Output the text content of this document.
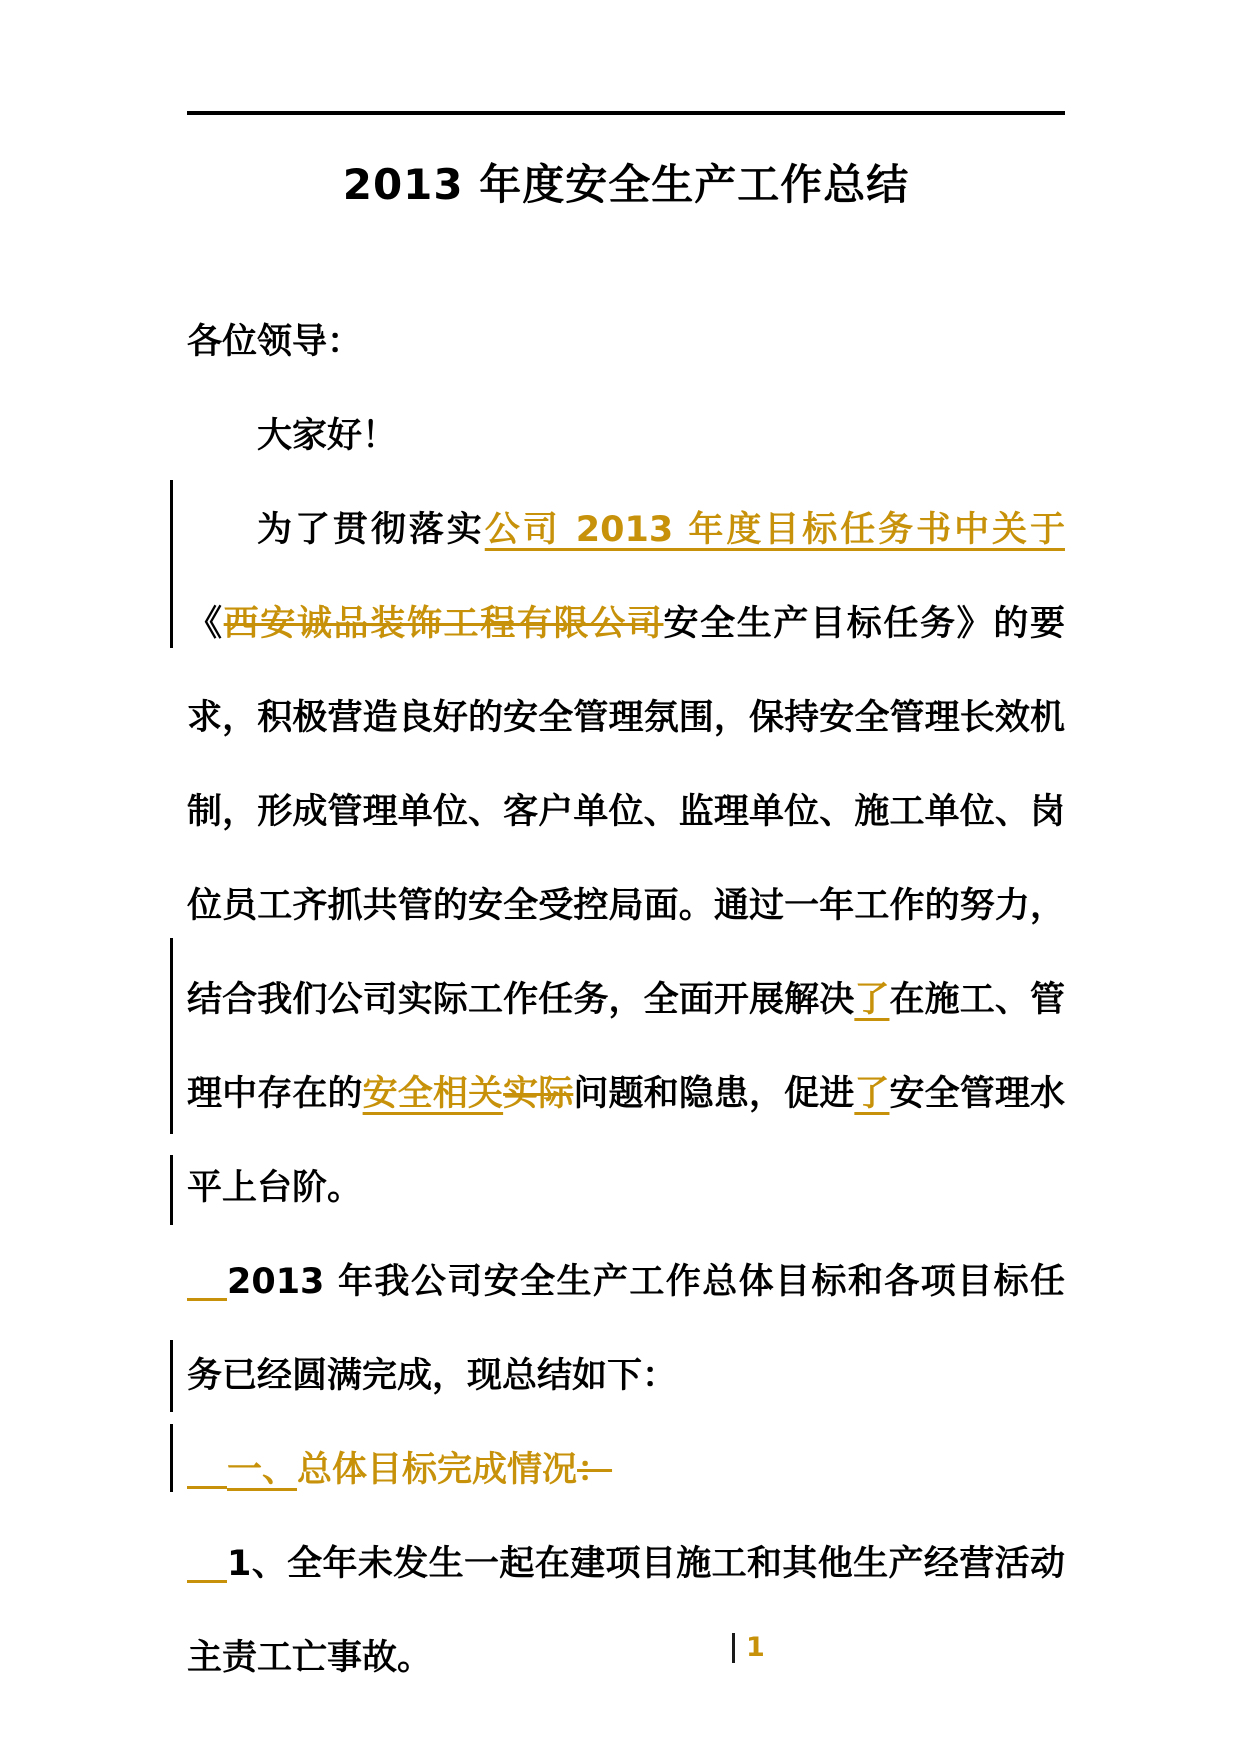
2013 年度安全生产工作总结

各位领导：

大家好！

为了贯彻落实公司 2013 年度目标任务书中关于《西安诚品装饰工程有限公司安全生产目标任务》的要求，积极营造良好的安全管理氛围，保持安全管理长效机制，形成管理单位、客户单位、监理单位、施工单位、岗位员工齐抓共管的安全受控局面。通过一年工作的努力，结合我们公司实际工作任务，全面开展解决了在施工、管理中存在的安全相关实际问题和隐患，促进了安全管理水平上台阶。

2013 年我公司安全生产工作总体目标和各项目标任务已经圆满完成，现总结如下：

一、总体目标完成情况：

1、全年未发生一起在建项目施工和其他生产经营活动主责工亡事故。	1
